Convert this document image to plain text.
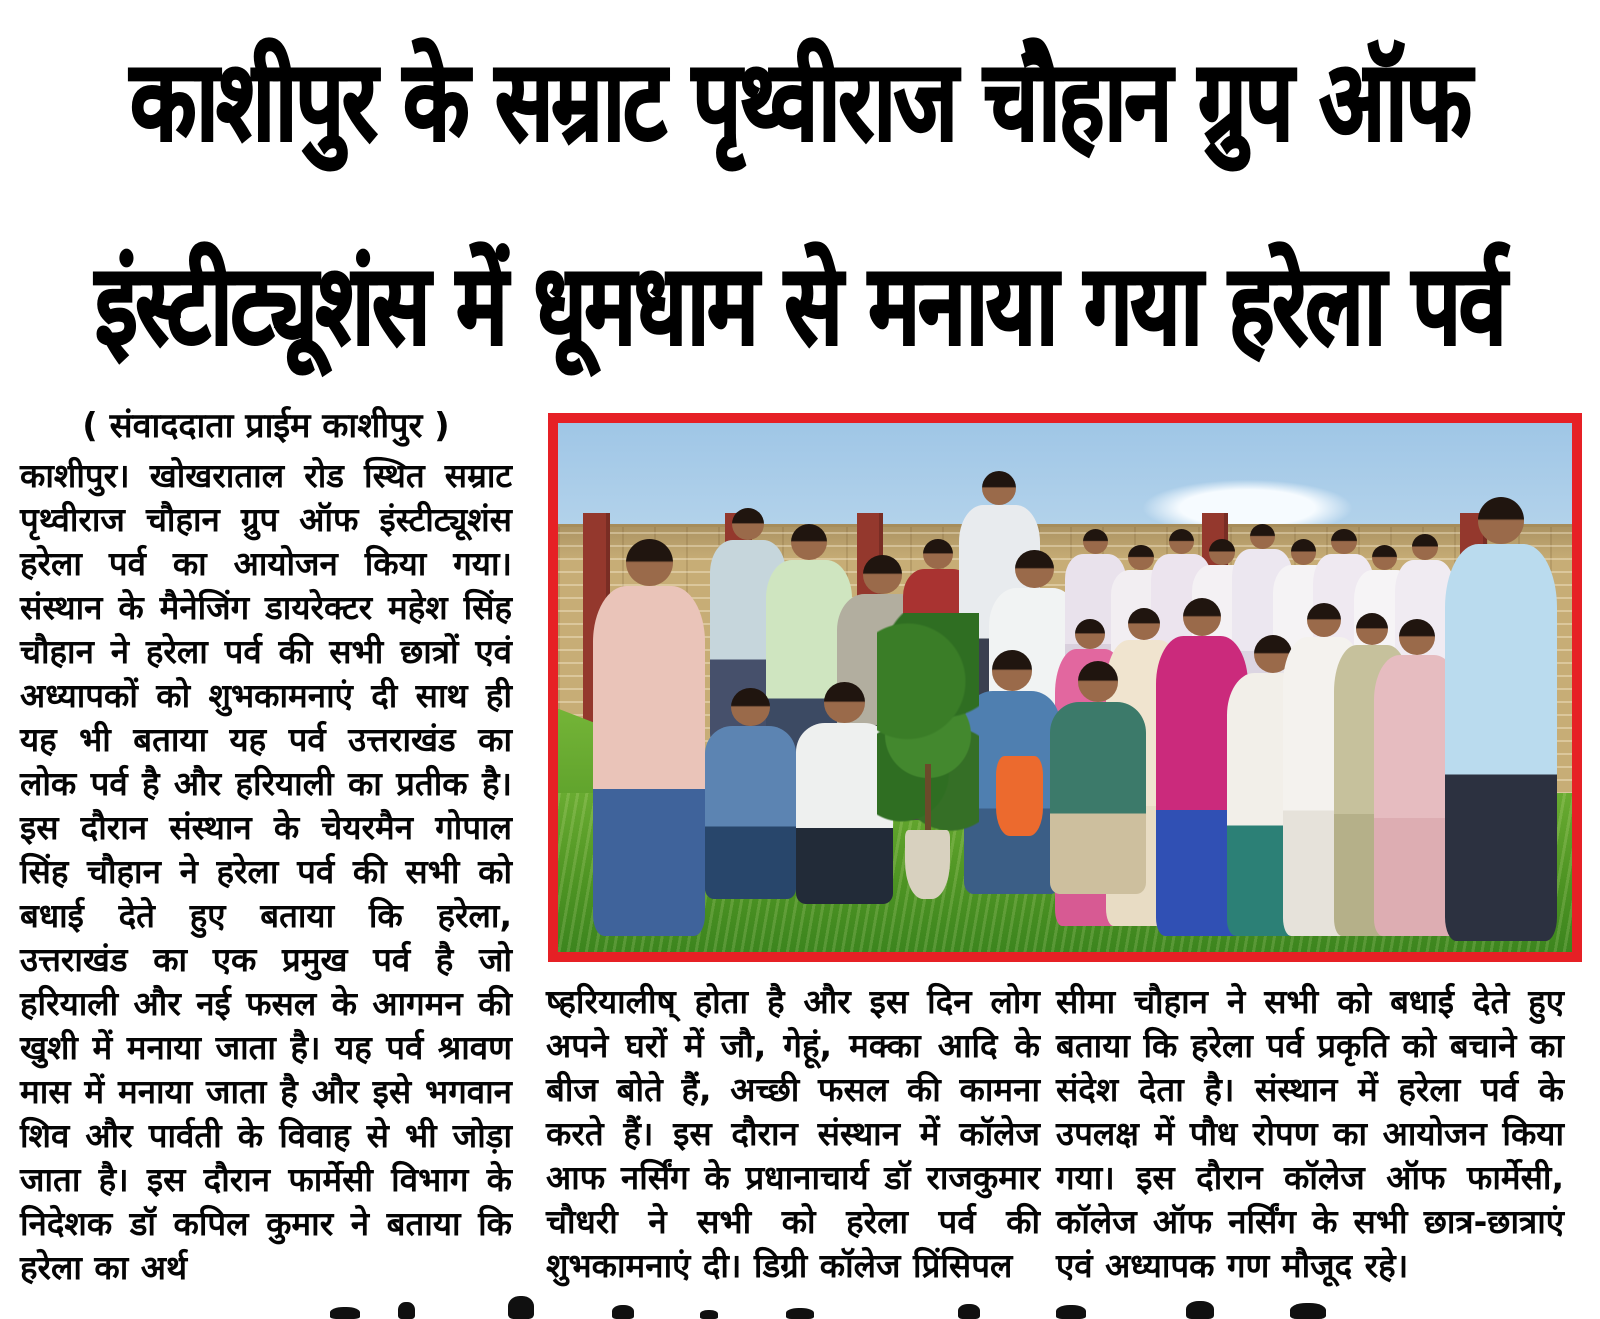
काशीपुर के सम्राट पृथ्वीराज चौहान ग्रुप ऑफ
इंस्टीट्यूशंस में धूमधाम से मनाया गया हरेला पर्व
( संवाददाता प्राईम काशीपुर )
काशीपुर। खोखराताल रोड स्थित सम्राट पृथ्वीराज चौहान ग्रुप ऑफ इंस्टीट्यूशंस हरेला पर्व का आयोजन किया गया। संस्थान के मैनेजिंग डायरेक्टर महेश सिंह चौहान ने हरेला पर्व की सभी छात्रों एवं अध्यापकों को शुभकामनाएं दी साथ ही यह भी बताया यह पर्व उत्तराखंड का लोक पर्व है और हरियाली का प्रतीक है। इस दौरान संस्थान के चेयरमैन गोपाल सिंह चौहान ने हरेला पर्व की सभी को बधाई देते हुए बताया कि हरेला, उत्तराखंड का एक प्रमुख पर्व है जो हरियाली और नई फसल के आगमन की खुशी में मनाया जाता है। यह पर्व श्रावण मास में मनाया जाता है और इसे भगवान शिव और पार्वती के विवाह से भी जोड़ा जाता है। इस दौरान फार्मेसी विभाग के निदेशक डॉ कपिल कुमार ने बताया कि हरेला का अर्थ
ष्हरियालीष् होता है और इस दिन लोग अपने घरों में जौ, गेहूं, मक्का आदि के बीज बोते हैं, अच्छी फसल की कामना करते हैं। इस दौरान संस्थान में कॉलेज आफ नर्सिंग के प्रधानाचार्य डॉ राजकुमार चौधरी ने सभी को हरेला पर्व की शुभकामनाएं दी। डिग्री कॉलेज प्रिंसिपल
सीमा चौहान ने सभी को बधाई देते हुए बताया कि हरेला पर्व प्रकृति को बचाने का संदेश देता है। संस्थान में हरेला पर्व के उपलक्ष में पौध रोपण का आयोजन किया गया। इस दौरान कॉलेज ऑफ फार्मेसी, कॉलेज ऑफ नर्सिंग के सभी छात्र-छात्राएं एवं अध्यापक गण मौजूद रहे।
